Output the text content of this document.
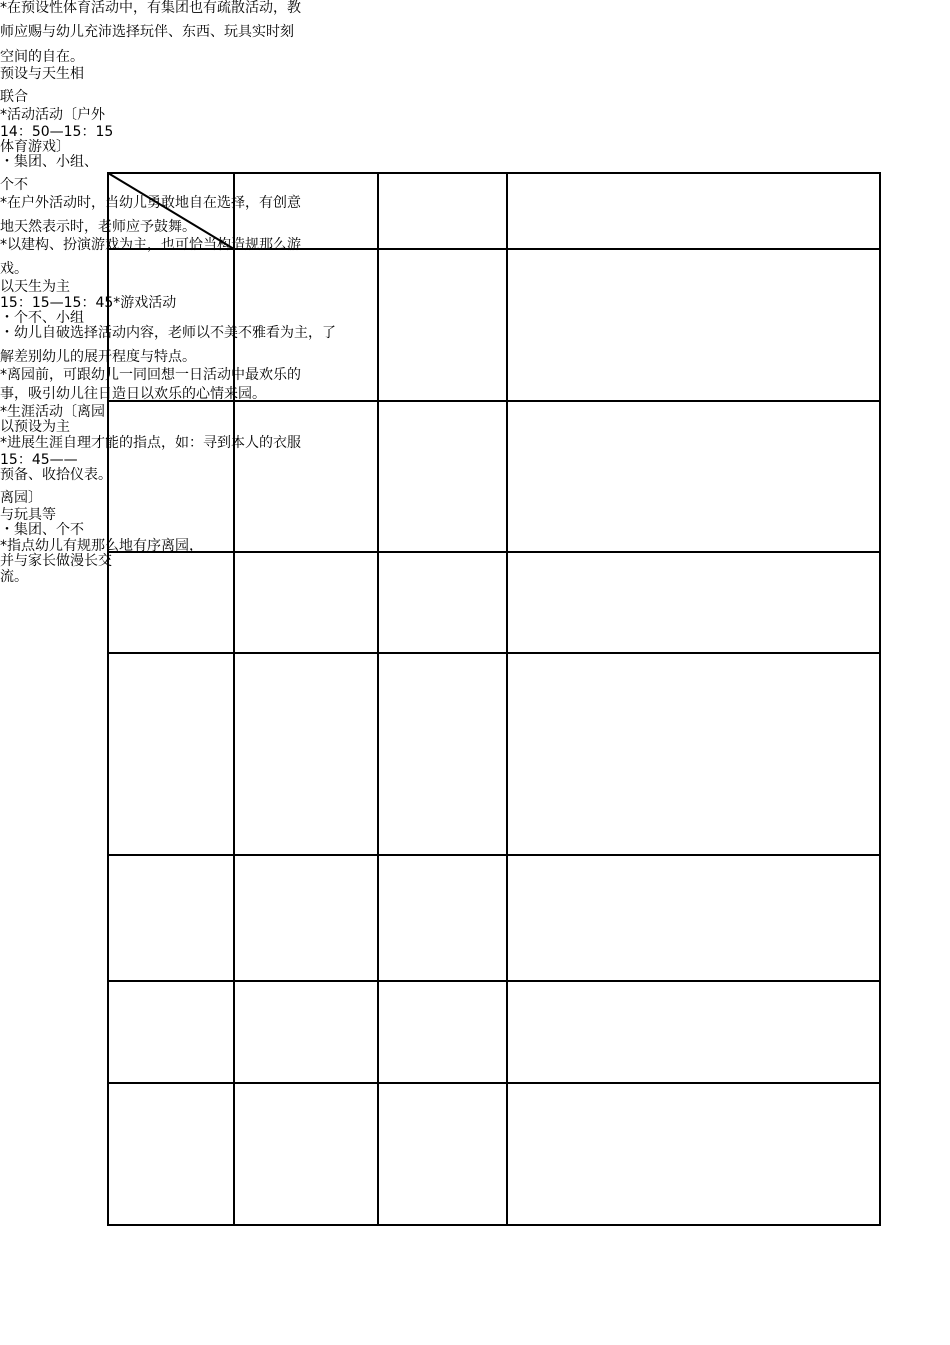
*在预设性体育活动中，有集团也有疏散活动，教
师应赐与幼儿充沛选择玩伴、东西、玩具实时刻
空间的自在。
预设与天生相
联合
*活动活动〔户外
14：50—15：15
体育游戏〕
・集团、小组、
个不
*在户外活动时，当幼儿勇敢地自在选择，有创意
地天然表示时，老师应予鼓舞。
*以建构、扮演游戏为主，也可恰当构造规那么游
戏。
以天生为主
15：15—15：45*游戏活动
・个不、小组
・幼儿自破选择活动内容，老师以不美不雅看为主，了
解差别幼儿的展开程度与特点。
*离园前，可跟幼儿一同回想一日活动中最欢乐的
事，吸引幼儿往日造日以欢乐的心情来园。
*生涯活动〔离园
以预设为主
*进展生涯自理才能的指点，如：寻到本人的衣服
15：45——
预备、收拾仪表。
离园〕
与玩具等
・集团、个不
*指点幼儿有规那么地有序离园，
并与家长做漫长交
流。
